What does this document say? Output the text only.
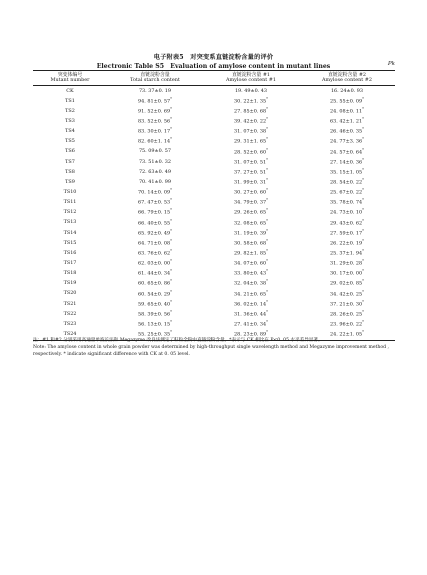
电子附表5　对突变系直链淀粉含量的评价
Electronic Table S5　Evaluation of amylose content in mutant lines	Pk
突变体编号	直链淀粉含量	直链淀粉含量 #1	直链淀粉含量 #2
Mutant number	Total starch content	Amylose content #1	Amylose content #2
CK	73. 37±0. 19	19. 49±0. 43	16. 24±0. 93
TS1	94. 81±0. 57*	30. 22±1. 35*	25. 55±0. 09*
TS2	91. 52±0. 69*	27. 85±0. 68*	24. 08±0. 11*
TS3	83. 52±0. 56*	39. 42±0. 22*	63. 42±1. 21*
TS4	83. 30±0. 17*	31. 07±0. 38*	26. 46±0. 35*
TS5	82. 60±1. 14*	29. 31±1. 65*	24. 77±3. 36*
TS6	75. 09±0. 57	28. 52±0. 60*	24. 57±0. 64*
TS7	73. 51±0. 32	31. 07±0. 51*	27. 14±0. 36*
TS8	72. 63±0. 49	37. 27±0. 51*	35. 15±1. 05*
TS9	70. 41±0. 99	31. 99±0. 31*	28. 54±0. 22*
TS10	70. 14±0. 09*	30. 27±0. 60*	25. 67±0. 22*
TS11	67. 47±0. 53*	34. 79±0. 37*	35. 78±0. 74*
TS12	66. 79±0. 15*	29. 26±0. 65*	24. 73±0. 10*
TS13	66. 40±0. 55*	32. 08±0. 65*	29. 43±0. 62*
TS14	65. 92±0. 49*	31. 19±0. 39*	27. 59±0. 17*
TS15	64. 71±0. 08*	30. 58±0. 68*	26. 22±0. 19*
TS16	63. 76±0. 62*	29. 82±1. 85*	25. 37±1. 94*
TS17	62. 03±0. 00*	34. 07±0. 60*	31. 29±0. 28*
TS18	61. 44±0. 34*	33. 80±0. 43*	30. 17±0. 00*
TS19	60. 65±0. 86*	32. 04±0. 38*	29. 02±0. 85*
TS20	60. 54±0. 29*	34. 21±0. 65*	34. 42±0. 25*
TS21	59. 65±0. 40*	36. 02±0. 14*	37. 21±0. 30*
TS22	58. 39±0. 56*	31. 36±0. 44*	28. 26±0. 25*
TS23	56. 13±0. 15*	27. 41±0. 34*	23. 96±0. 22*
TS24	55. 25±0. 35*	28. 23±0. 89*	24. 22±1. 05*
注：#1 和#2 分别采用高通量单波长法和 Megazyme 改良法测定了籽粒全粉中直链淀粉含量。*表示与 CK 相比在 P<0. 05 水平差异显著。
Note: The amylose content in whole grain powder was determined by high-throughput single wavelength method and Megazyme improvement method , respectively. * indicate significant difference with CK at 0. 05 level.
